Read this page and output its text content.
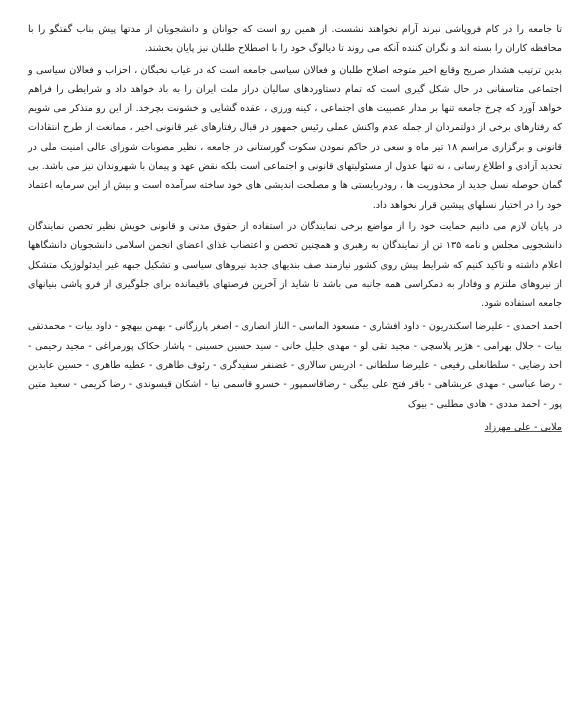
تا جامعه را در کام فروپاشی نبرند آرام نخواهند نشست. از همین رو است که جوانان و دانشجویان از مدتها پیش بناب گفتگو را با محافظه کاران را بسته اند و نگران کننده آنکه می روند تا دیالوگ خود را با اصطلاح طلبان نیز پایان بخشند.

بدین ترتیب هشدار صریح وقایع اخیر متوجه اصلاح طلبان و فعالان سیاسی جامعه است که در غیاب نخبگان ، احزاب و فعالان سیاسی و اجتماعی متاسفانی در حال شکل گیری است که تمام دستاوردهای سالیان دراز ملت ایران را به باد خواهد داد و شرایطی را فراهم خواهد آورد که چرخ جامعه تنها بر مدار عصبیت های اجتماعی ، کینه ورزی ، عقده گشایی و خشونت بچرخد. از این رو متذکر می شویم که رفتارهای برخی از دولتمردان از جمله عدم واکنش عملی رئیس جمهور در قبال رفتارهای غیر قانونی اخیر ، ممانعت از طرح انتقادات قانونی و برگزاری مراسم ۱۸ تیر ماه و سعی در حاکم نمودن سکوت گورستانی در جامعه ، نظیر مصوبات شورای عالی امنیت ملی در تحدید آزادی و اطلاع رسانی ، نه تنها عدول از مسئولیتهای قانونی و اجتماعی است بلکه نقض عهد و پیمان با شهروندان نیز می باشد. بی گمان حوصله نسل جدید از محذوریت ها ، رودربایستی ها و مصلحت اندیشی های خود ساخته سرآمده است و بیش از این سرمایه اعتماد خود را در اختیار نسلهای پیشین قرار نخواهد داد.

در پایان لازم می دانیم حمایت خود را از مواضع برخی نمایندگان در استفاده از حقوق مدنی و قانونی خویش نظیر تحصن نمایندگان دانشجویی مجلس و نامه ۱۳۵ تن از نمایندگان به رهبری و همچنین تحصن و اعتصاب غذای اعضای انجمن اسلامی دانشجویان دانشگاهها اعلام داشته و تاکید کنیم که شرایط پیش روی کشور نیازمند صف بندیهای جدید نیروهای سیاسی و تشکیل جبهه غیر ایدئولوژیک متشکل از نیروهای ملتزم و وفادار به دمکراسی همه جانبه می باشد تا شاید از آخرین فرصتهای باقیمانده برای جلوگیری از فرو پاشی بنیانهای جامعه استفاده شود.

احمد احمدی - علیرضا اسکندریون - داود افشاری - مسعود الماسی - الناز انصاری - اصغر پارزگانی - بهمن بیهچو - داود بیات - محمدتقی بیات - جلال بهرامی - هژیر پلاسچی - مجید تقی لو - مهدی جلیل خانی - سید حسین حسینی - پاشار حکاک پورمراغی - مجید رحیمی - احد رضایی - سلطانعلی رفیعی - علیرضا سلطانی - ادریس سالاری - غضنفر سفیدگری - رئوف طاهری - عطیه طاهری - حسین عابدین - رضا عباسی - مهدی عربشاهی - باقر فتح علی بیگی - رضاقاسمپور - خسرو قاسمی نیا - اشکان قیسوندی - رضا کریمی - سعید متین پور - احمد مددی - هادی مطلبی - بیوک
ملایی - علی مهرزاد
